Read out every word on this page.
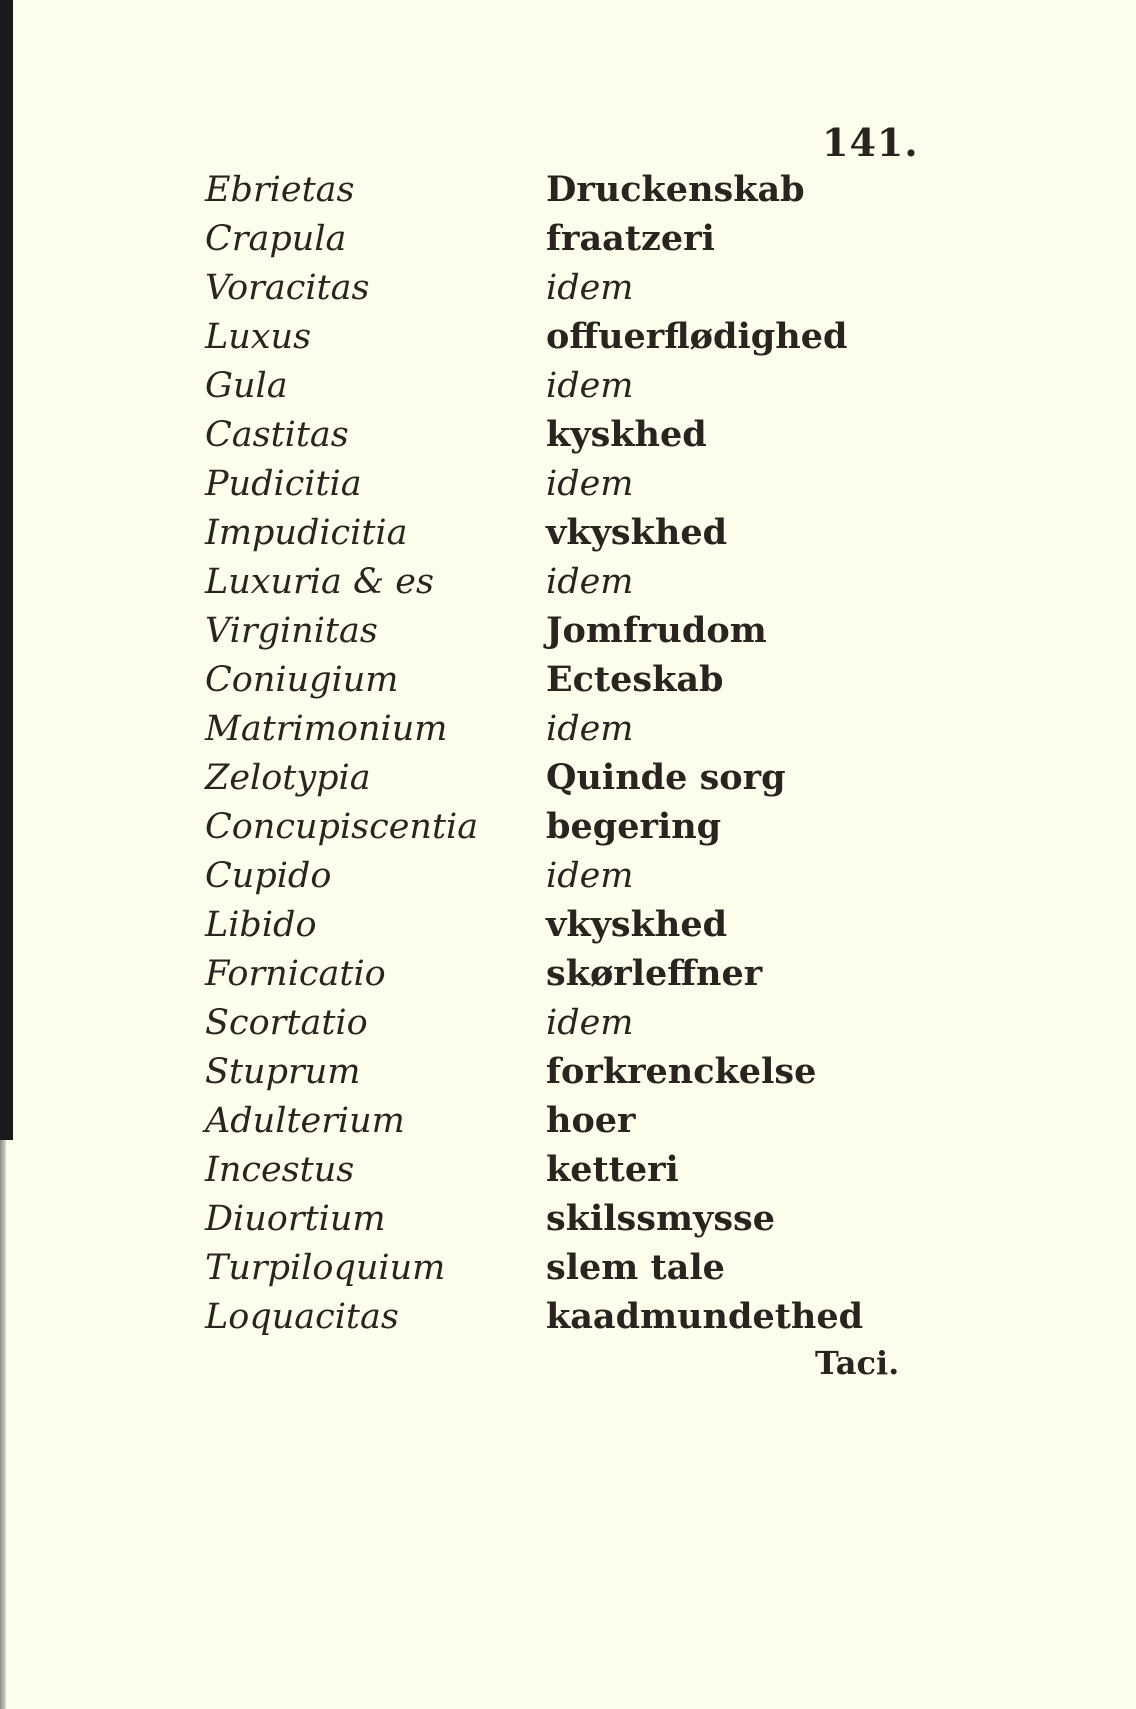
141.
Ebrietas	Druckenskab
Crapula	fraatzeri
Voracitas	idem
Luxus	offuerflødighed
Gula	idem
Castitas	kyskhed
Pudicitia	idem
Impudicitia	vkyskhed
Luxuria & es	idem
Virginitas	Jomfrudom
Coniugium	Ecteskab
Matrimonium	idem
Zelotypia	Quinde sorg
Concupiscentia begering
Cupido	idem
Libido	vkyskhed
Fornicatio	skørleffner
Scortatio	idem
Stuprum	forkrenckelse
Adulterium	hoer
Incestus	ketteri
Diuortium	skilssmysse
Turpiloquium	slem tale
Loquacitas	kaadmundethed
Taci.
